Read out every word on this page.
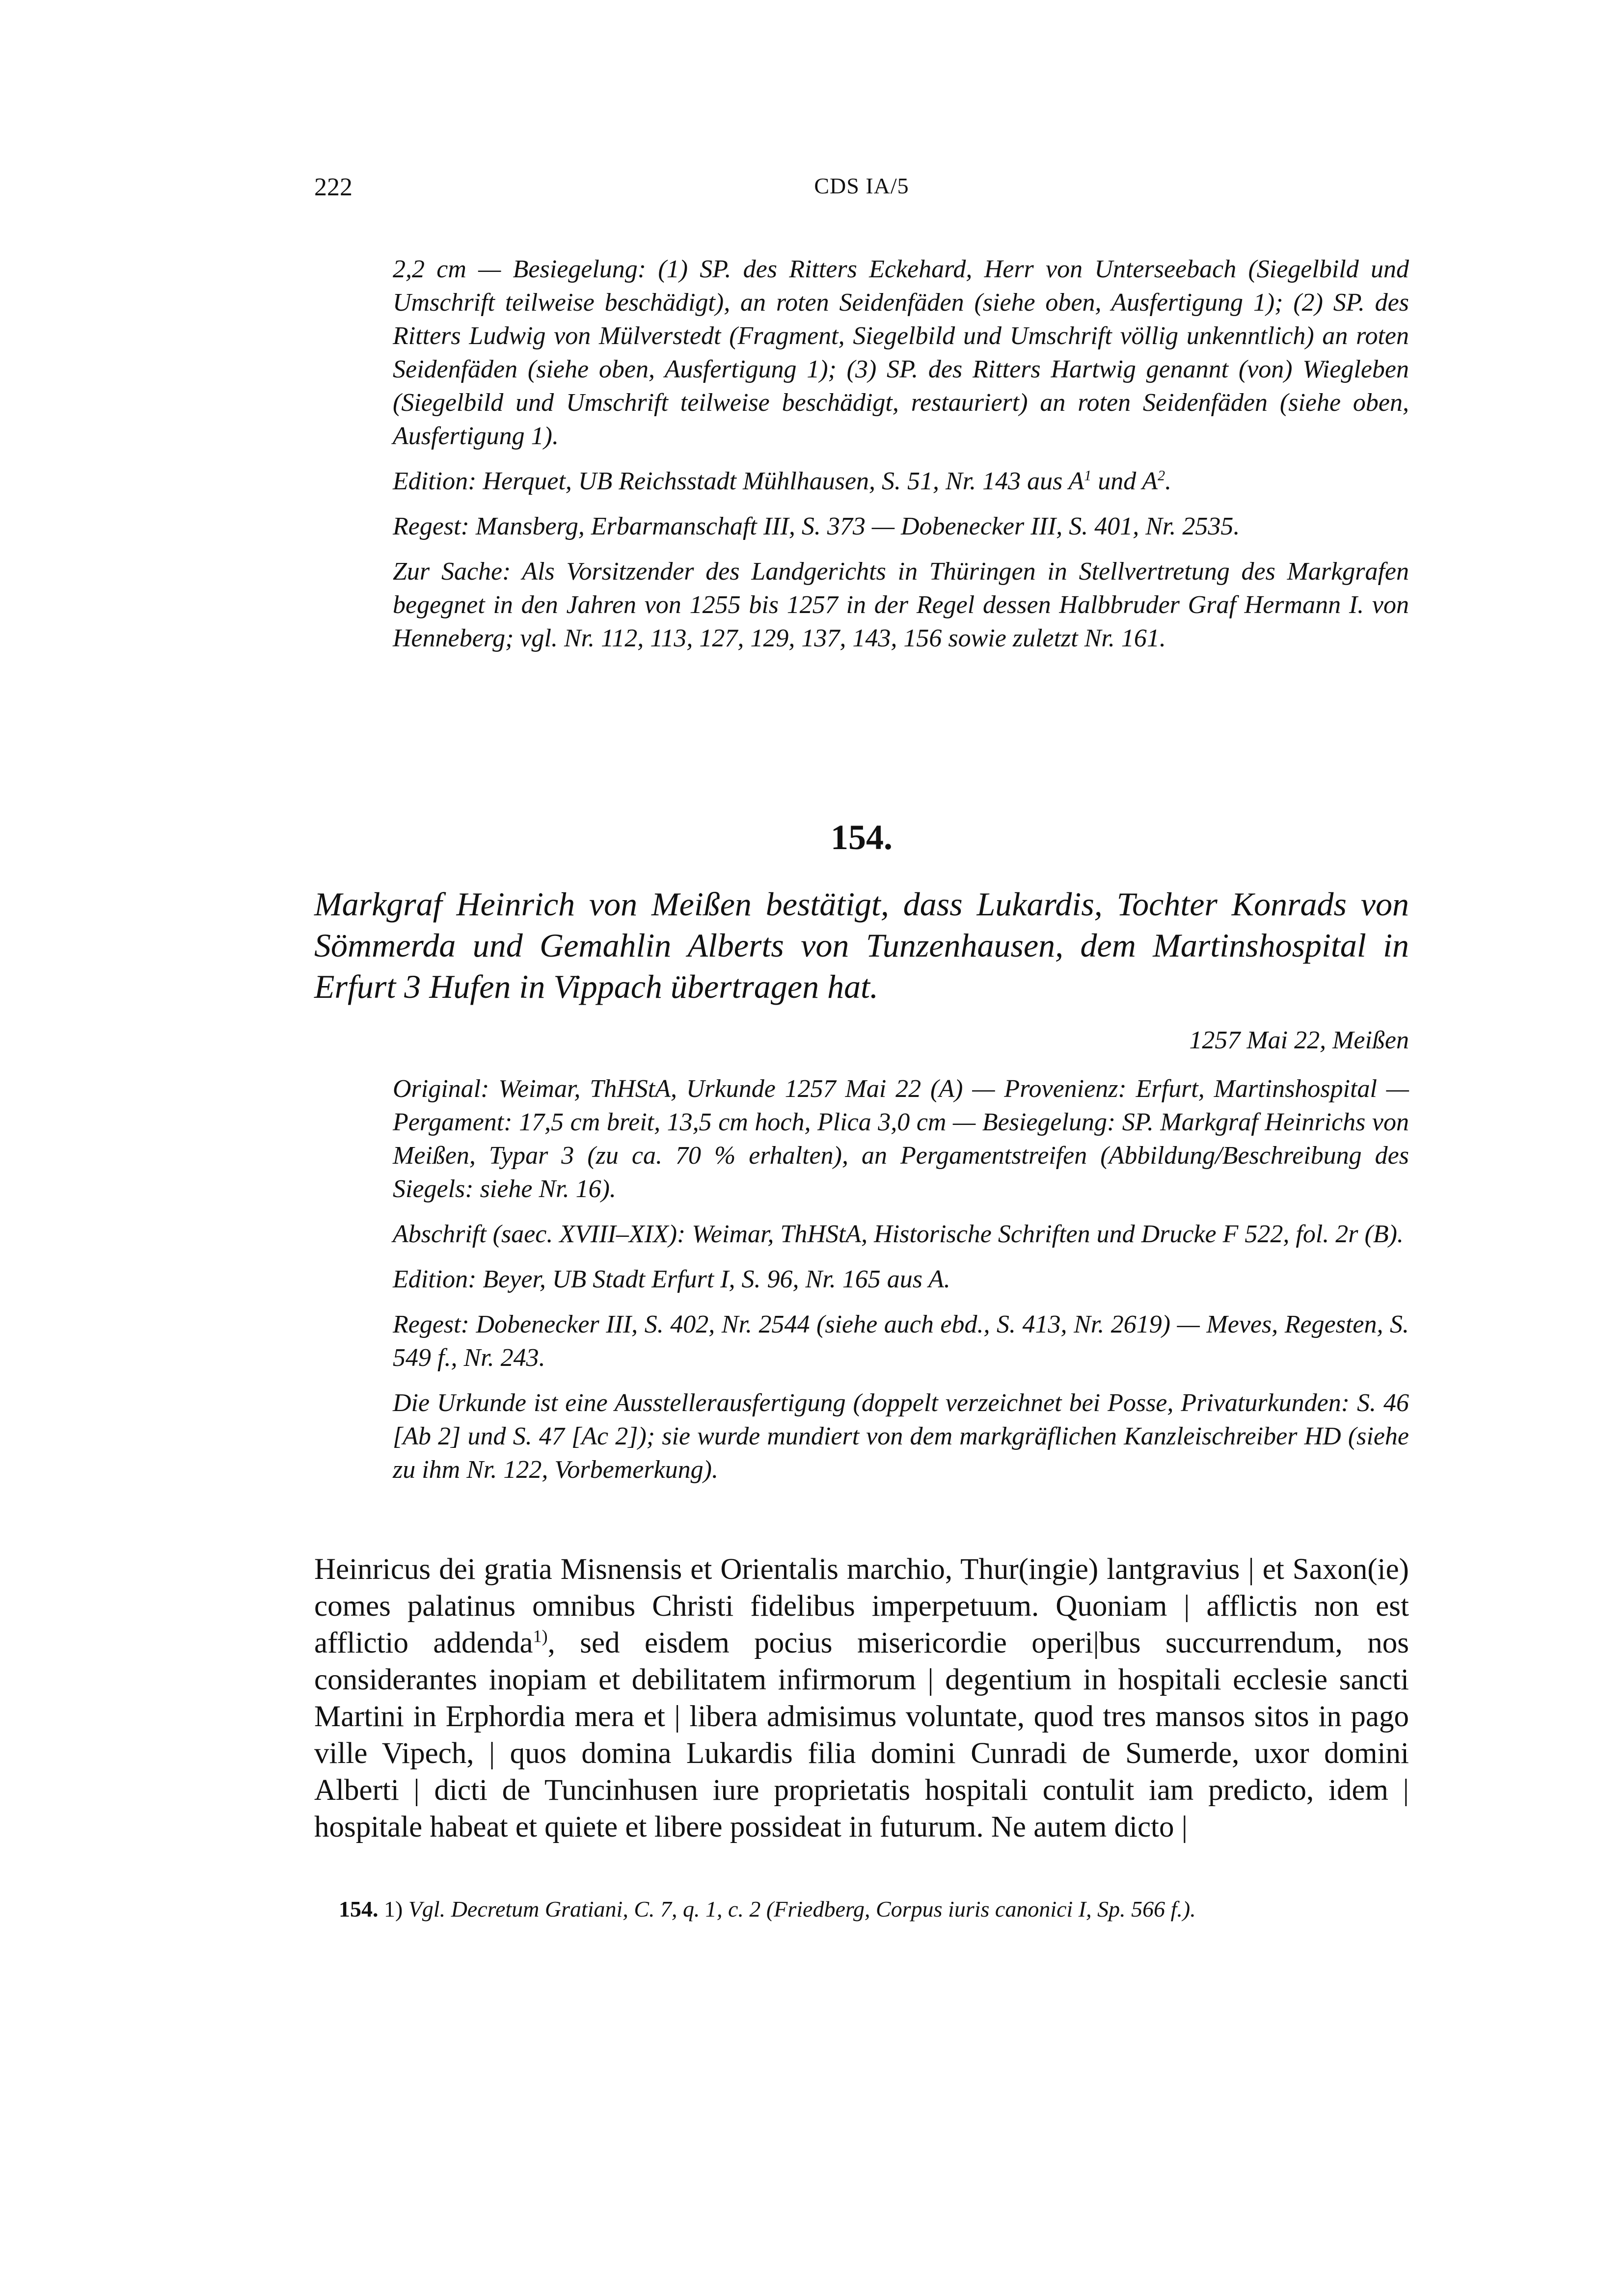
222	CDS IA/5

2,2 cm — Besiegelung: (1) SP. des Ritters Eckehard, Herr von Unterseebach (Siegelbild und Umschrift teilweise beschädigt), an roten Seidenfäden (siehe oben, Ausfertigung 1); (2) SP. des Ritters Ludwig von Mülverstedt (Fragment, Siegelbild und Umschrift völlig unkenntlich) an roten Seidenfäden (siehe oben, Ausfertigung 1); (3) SP. des Ritters Hartwig genannt (von) Wiegleben (Siegelbild und Umschrift teilweise beschädigt, restauriert) an roten Seidenfäden (siehe oben, Ausfertigung 1).

Edition: Herquet, UB Reichsstadt Mühlhausen, S. 51, Nr. 143 aus $A^1$ und $A^2$.

Regest: Mansberg, Erbarmanschaft III, S. 373 — Dobenecker III, S. 401, Nr. 2535.

Zur Sache: Als Vorsitzender des Landgerichts in Thüringen in Stellvertretung des Markgrafen begegnet in den Jahren von 1255 bis 1257 in der Regel dessen Halbbruder Graf Hermann I. von Henneberg; vgl. Nr. 112, 113, 127, 129, 137, 143, 156 sowie zuletzt Nr. 161.

154.

Markgraf Heinrich von Meißen bestätigt, dass Lukardis, Tochter Konrads von Sömmerda und Gemahlin Alberts von Tunzenhausen, dem Martinshospital in Erfurt 3 Hufen in Vippach übertragen hat.

1257 Mai 22, Meißen

Original: Weimar, ThHStA, Urkunde 1257 Mai 22 (A) — Provenienz: Erfurt, Martinshospital — Pergament: 17,5 cm breit, 13,5 cm hoch, Plica 3,0 cm — Besiegelung: SP. Markgraf Heinrichs von Meißen, Typar 3 (zu ca. 70 % erhalten), an Pergamentstreifen (Abbildung/Beschreibung des Siegels: siehe Nr. 16).

Abschrift (saec. XVIII–XIX): Weimar, ThHStA, Historische Schriften und Drucke F 522, fol. 2r (B).

Edition: Beyer, UB Stadt Erfurt I, S. 96, Nr. 165 aus A.

Regest: Dobenecker III, S. 402, Nr. 2544 (siehe auch ebd., S. 413, Nr. 2619) — Meves, Regesten, S. 549 f., Nr. 243.

Die Urkunde ist eine Ausstellerausfertigung (doppelt verzeichnet bei Posse, Privaturkunden: S. 46 [Ab 2] und S. 47 [Ac 2]); sie wurde mundiert von dem markgräflichen Kanzleischreiber HD (siehe zu ihm Nr. 122, Vorbemerkung).

Heinricus dei gratia Misnensis et Orientalis marchio, Thur(ingie) lantgravius | et Saxon(ie) comes palatinus omnibus Christi fidelibus imperpetuum. Quoniam | afflictis non est afflictio addenda$^{1)}$, sed eisdem pocius misericordie operi|bus succurrendum, nos considerantes inopiam et debilitatem infirmorum | degentium in hospitali ecclesie sancti Martini in Erphordia mera et | libera admisimus voluntate, quod tres mansos sitos in pago ville Vipech, | quos domina Lukardis filia domini Cunradi de Sumerde, uxor domini Alberti | dicti de Tuncinhusen iure proprietatis hospitali contulit iam predicto, idem | hospitale habeat et quiete et libere possideat in futurum. Ne autem dicto |

154. 1) Vgl. Decretum Gratiani, C. 7, q. 1, c. 2 (Friedberg, Corpus iuris canonici I, Sp. 566 f.).
